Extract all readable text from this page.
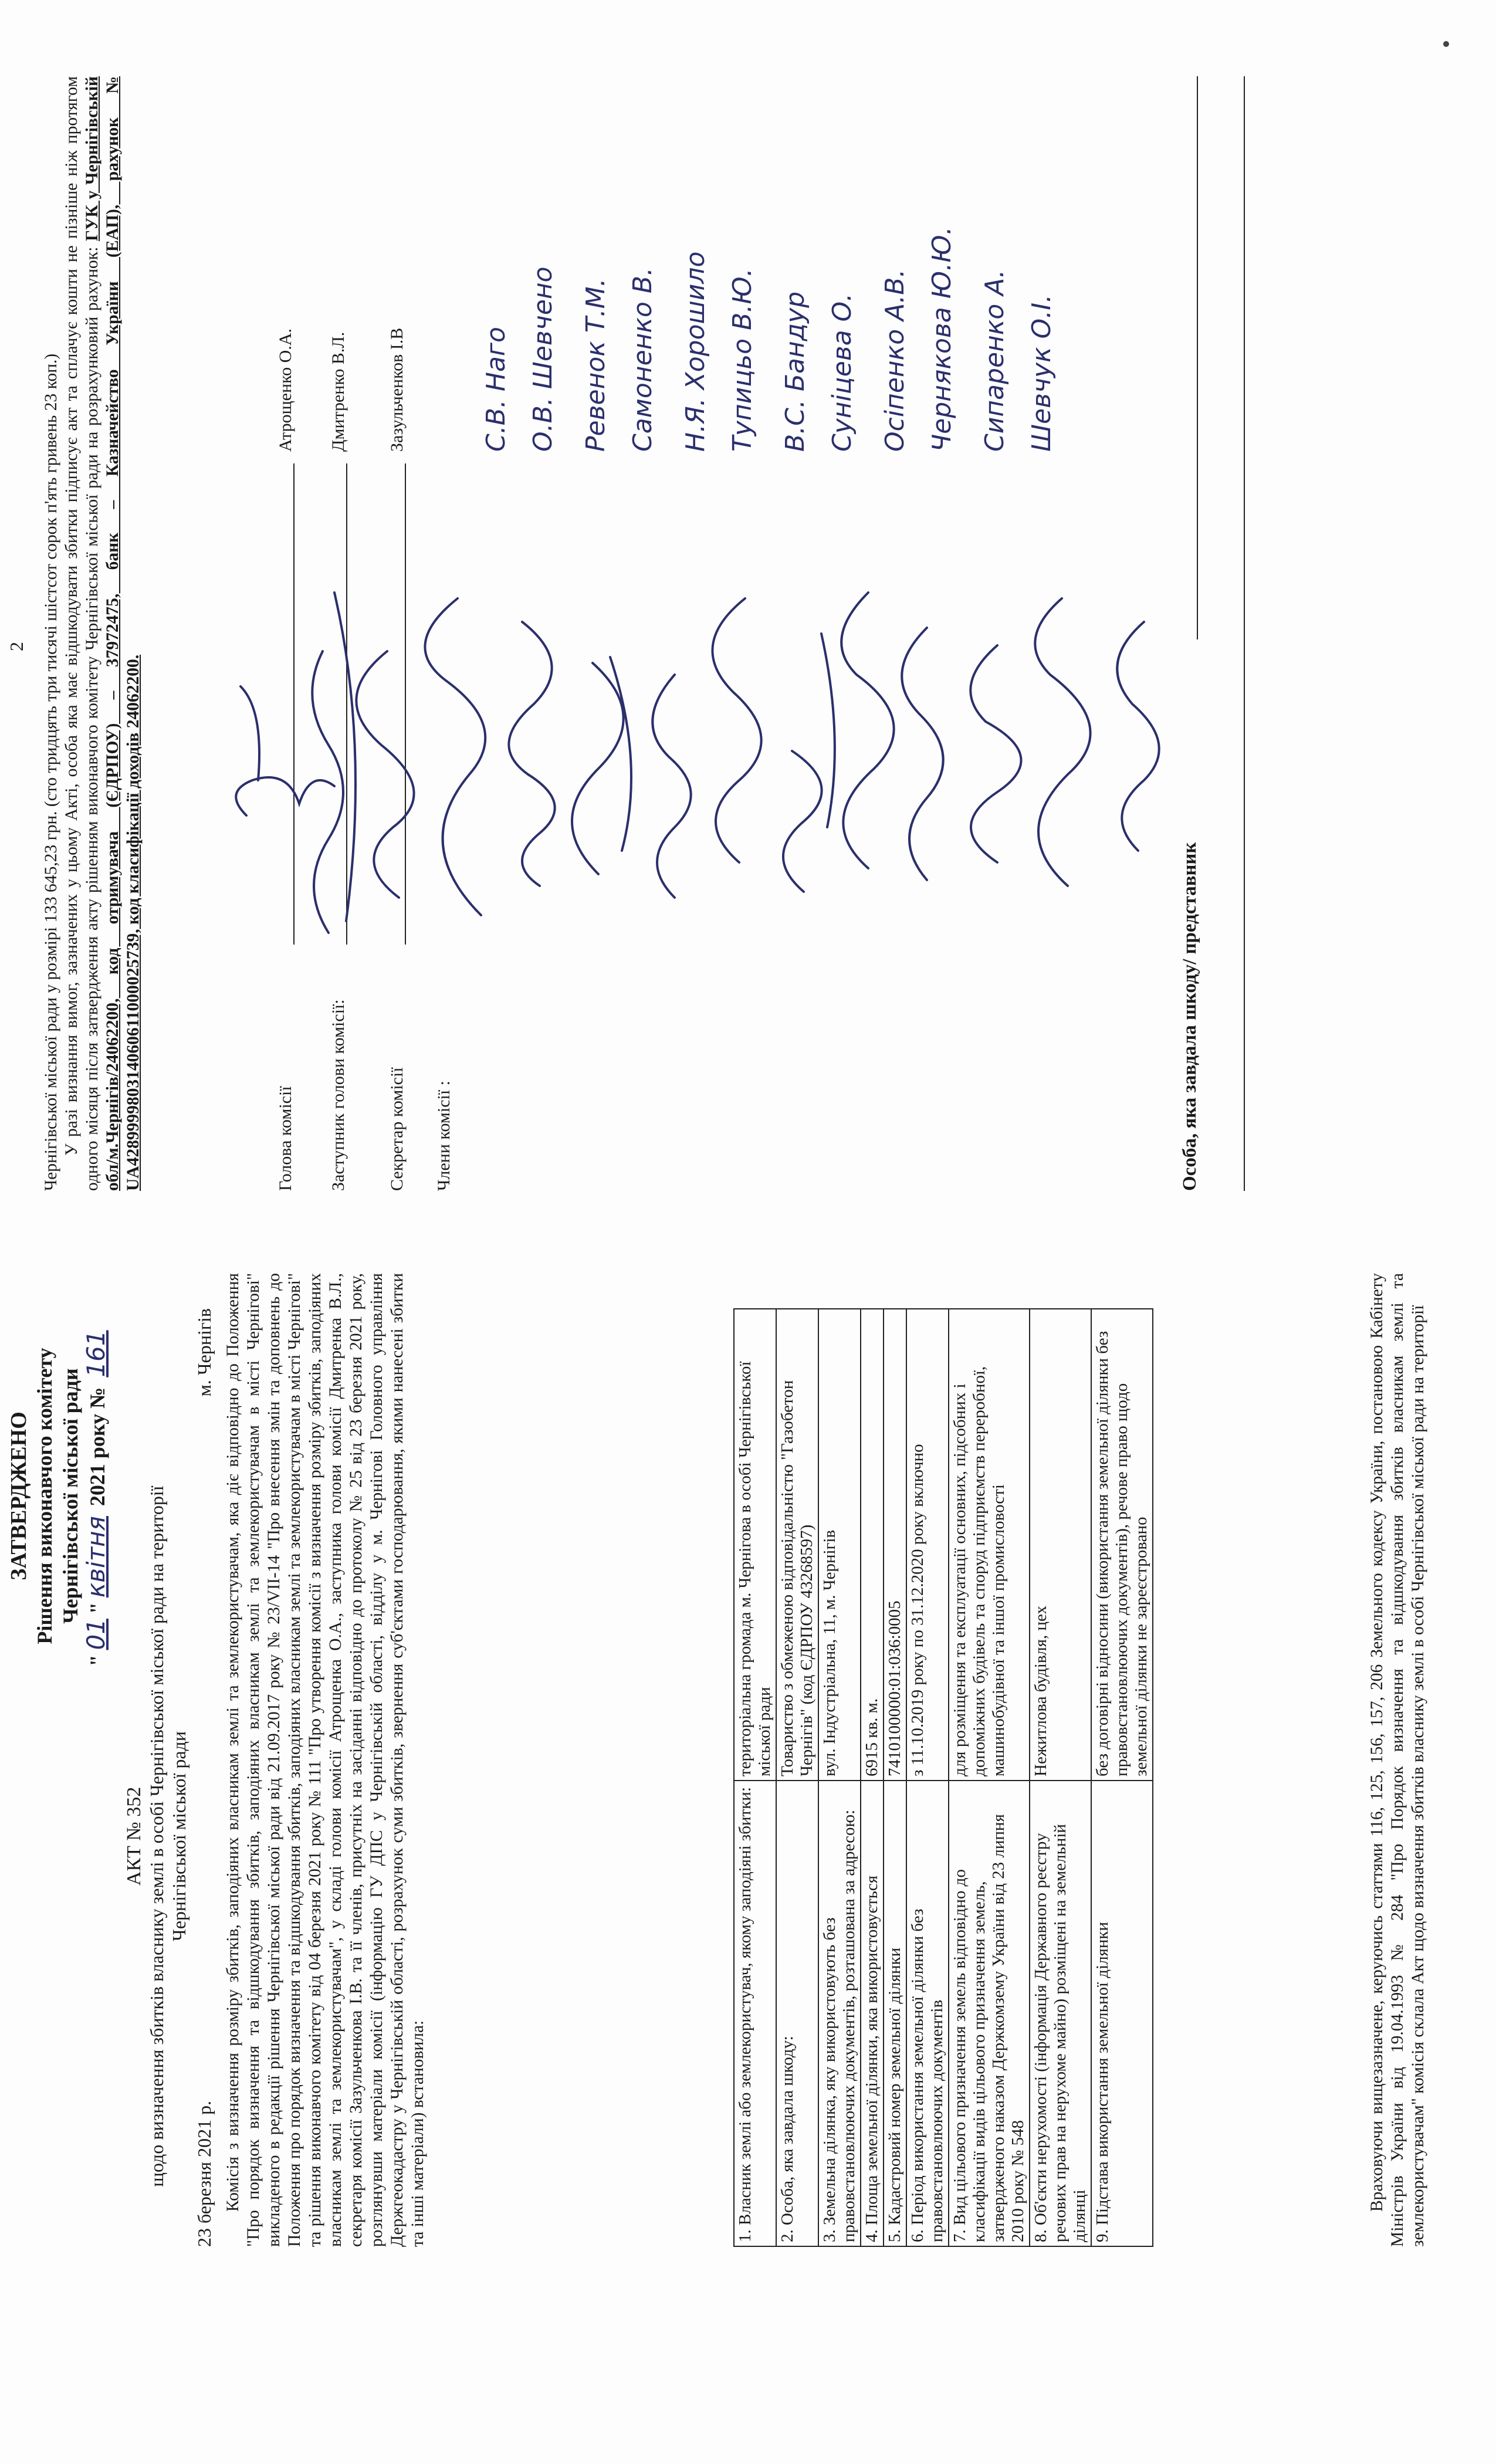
ЗАТВЕРДЖЕНО Рішення виконавчого комітету Чернігівської міської ради
"01"квітня 2021 року № 161
АКТ № 352 щодо визначення збитків власнику землі в особі Чернігівської міської ради на території Чернігівської міської ради
23 березня 2021 р.
м. Чернігів Комісія з визначення розміру збитків, заподіяних власникам землі та землекористувачам, яка діє відповідно до Положення "Про порядок визначення та відшкодування збитків, заподіяних власникам землі та землекористувачам в місті Чернігові" викладеного в редакції рішення Чернігівської міської ради від 21.09.2017 року № 23/VII-14 "Про внесення змін та доповнень до Положення про порядок визначення та відшкодування збитків, заподіяних власникам землі та землекористувачам в місті Чернігові" та рішення виконавчого комітету від 04 березня 2021 року № 111 "Про утворення комісії з визначення розміру збитків, заподіяних власникам землі та землекористувачам", у складі голови комісії Атрощенка О.А., заступника голови комісії Дмитренка В.Л., секретаря комісії Зазульченкова І.В. та її членів, присутніх на засіданні відповідно до протоколу № 25 від 23 березня 2021 року, розглянувши матеріали комісії (інформацію ГУ ДПС у Чернігівській області, відділу у м. Чернігові Головного управління Держгеокадастру у Чернігівській області, розрахунок суми збитків, звернення суб'єктами господарювання, якими нанесені збитки та інші матеріали) встановила:	1. Власник землі або землекористувач, якому заподіяні збитки:	територіальна громада м. Чернігова в особі Чернігівської міської ради
2. Особа, яка завдала шкоду:	Товариство з обмеженою відповідальністю "Газобетон Чернігів" (код ЄДРПОУ 43268597)
3. Земельна ділянка, яку використовують без правовстановлюючих документів, розташована за адресою:	вул. Індустріальна, 11, м. Чернігів
4. Площа земельної ділянки, яка використовується	6915 кв. м.
5. Кадастровий номер земельної ділянки	7410100000:01:036:0005
6. Період використання земельної ділянки без правовстановлюючих документів	з 11.10.2019 року по 31.12.2020 року включно
7. Вид цільового призначення земель відповідно до класифікації видів цільового призначення земель, затвердженого наказом Держкомзему України від 23 липня 2010 року № 548	для розміщення та експлуатації основних, підсобних і допоміжних будівель та споруд підприємств переробної, машинобудівної та іншої промисловості
8. Об'єкти нерухомості (інформація Державного реєстру речових прав на нерухоме майно) розміщені на земельній ділянці	Нежитлова будівля, цех
9. Підстава використання земельної ділянки	без договірні відносини (використання земельної ділянки без правовстановлюючих документів), речове право щодо земельної ділянки не зареєстровано	Враховуючи вищезазначене, керуючись статтями 116, 125, 156, 157, 206 Земельного кодексу України, постановою Кабінету Міністрів України від 19.04.1993 № 284 "Про Порядок визначення та відшкодування збитків власникам землі та землекористувачам" комісія склала Акт щодо визначення збитків власнику землі в особі Чернігівської міської ради на території
2 Чернігівської міської ради у розмірі 133 645,23 грн. (сто тридцять три тисячі шістсот сорок п'ять гривень 23 коп.) У разі визнання вимог, зазначених у цьому Акті, особа яка має відшкодувати збитки підписує акт та сплачує кошти не пізніше ніж протягом одного місяця після затвердження акту рішенням виконавчого комітету Чернігівської міської ради на розрахунковий рахунок: ГУК у Чернігівській обл/м.Чернігів/24062200, код отримувача (ЄДРПОУ) – 37972475, банк – Казначейство України (ЕАП), рахунок № UA428999980314060611000025739, код класифікації доходів 24062200.	Голова комісії
Атрощенко О.А.
Заступник голови комісії:
Дмитренко В.Л.
Секретар комісії
Зазульченков І.В
Члени комісії :
С.В. Наго О.В. Шевчено Ревенок Т.М. Самоненко В. Н.Я. Хорошило Тупицьо В.Ю. В.С. Бандур Суніцева О. Осіпенко А.В. Чернякова Ю.Ю. Сипаренко А. Шевчук О.І.
Особа, яка завдала шкоду/ представник
